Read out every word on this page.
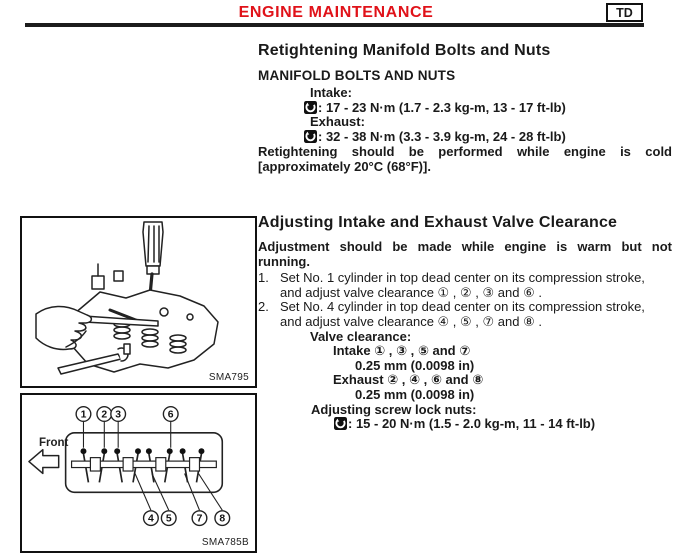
ENGINE MAINTENANCE	TD
Retightening Manifold Bolts and Nuts
MANIFOLD BOLTS AND NUTS
Intake:
: 17 - 23 N·m (1.7 - 2.3 kg-m, 13 - 17 ft-lb)
Exhaust:
: 32 - 38 N·m (3.3 - 3.9 kg-m, 24 - 28 ft-lb)
Retightening should be performed while engine is cold
[approximately 20°C (68°F)].
Adjusting Intake and Exhaust Valve Clearance
Adjustment should be made while engine is warm but not
running.
1. Set No. 1 cylinder in top dead center on its compression stroke,
and adjust valve clearance ① , ② , ③ and ⑥ .
2. Set No. 4 cylinder in top dead center on its compression stroke,
and adjust valve clearance ④ , ⑤ , ⑦ and ⑧ .
Valve clearance:
Intake ① , ③ , ⑤ and ⑦
0.25 mm (0.0098 in)
Exhaust ② , ④ , ⑥ and ⑧
0.25 mm (0.0098 in)
Adjusting screw lock nuts:
: 15 - 20 N·m (1.5 - 2.0 kg-m, 11 - 14 ft-lb)
SMA795
1 2 3	6
4 5 7 8
Front
SMA785B
